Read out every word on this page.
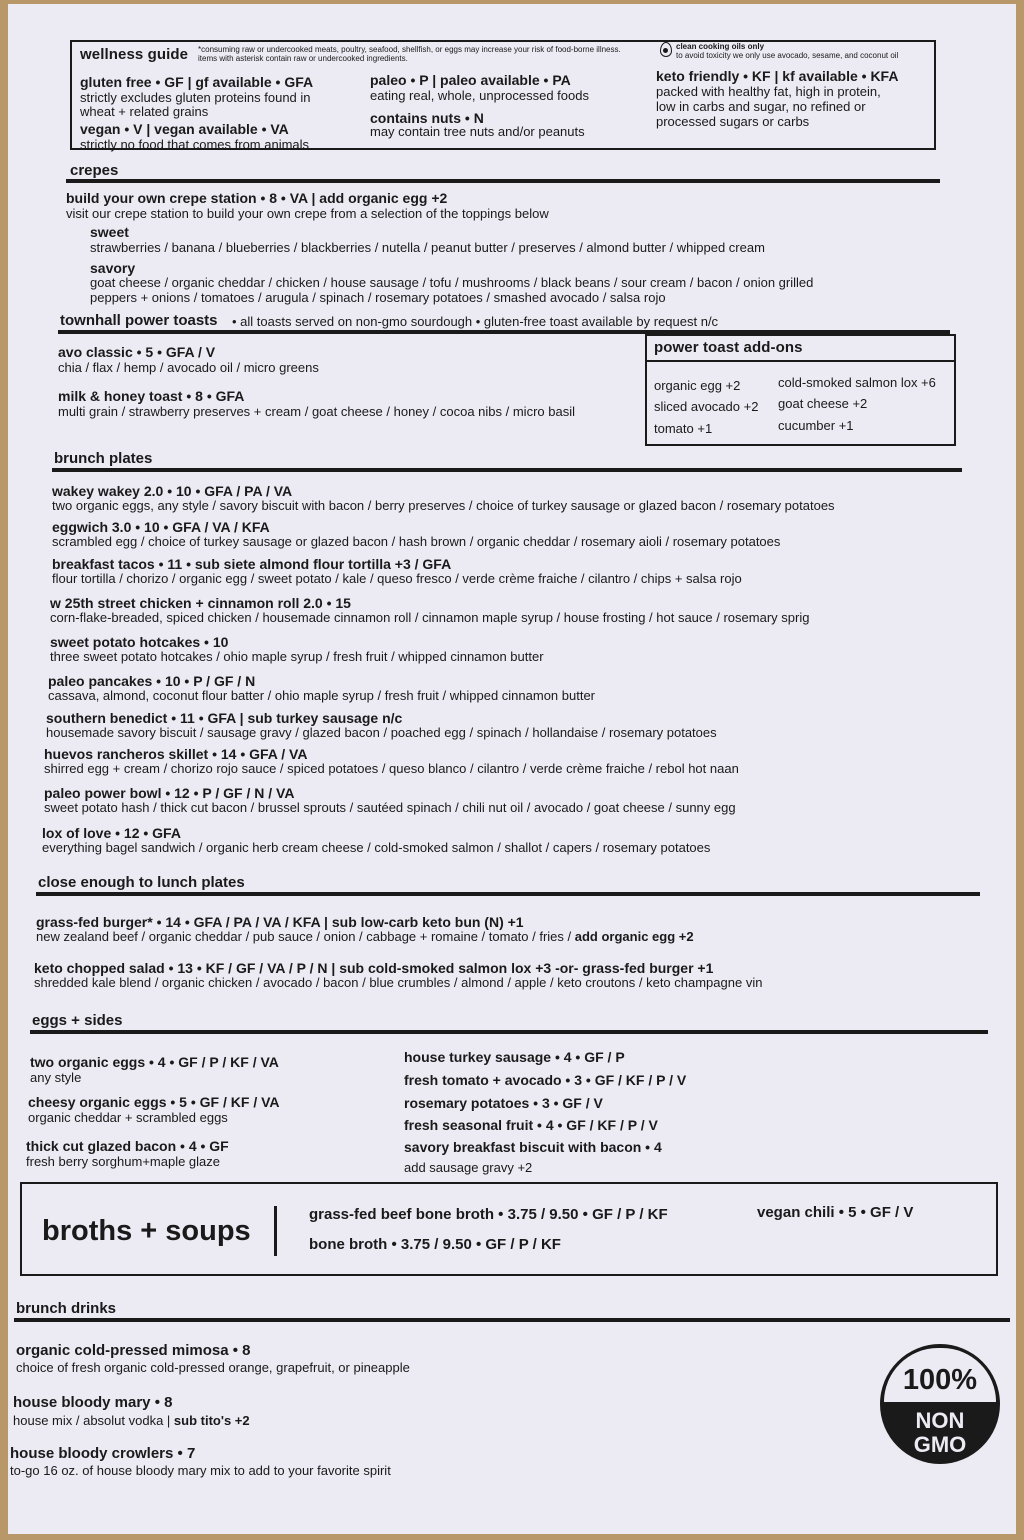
wellness guide *consuming raw or undercooked meats, poultry, seafood, shellfish, or eggs may increase your risk of food-borne illness.
items with asterisk contain raw or undercooked ingredients.
clean cooking oils only
to avoid toxicity we only use avocado, sesame, and coconut oil
gluten free • GF | gf available • GFA
strictly excludes gluten proteins found in
wheat + related grains
vegan • V | vegan available • VA
strictly no food that comes from animals
paleo • P | paleo available • PA
eating real, whole, unprocessed foods
contains nuts • N
may contain tree nuts and/or peanuts
keto friendly • KF | kf available • KFA
packed with healthy fat, high in protein,
low in carbs and sugar, no refined or
processed sugars or carbs
crepes
build your own crepe station • 8 • VA | add organic egg +2
visit our crepe station to build your own crepe from a selection of the toppings below
sweet
strawberries / banana / blueberries / blackberries / nutella / peanut butter / preserves / almond butter / whipped cream
savory
goat cheese / organic cheddar / chicken / house sausage / tofu / mushrooms / black beans / sour cream / bacon / onion grilled
peppers + onions / tomatoes / arugula / spinach / rosemary potatoes / smashed avocado / salsa rojo
townhall power toasts • all toasts served on non-gmo sourdough • gluten-free toast available by request n/c
avo classic • 5 • GFA / V
chia / flax / hemp / avocado oil / micro greens
milk & honey toast • 8 • GFA
multi grain / strawberry preserves + cream / goat cheese / honey / cocoa nibs / micro basil
power toast add-ons
organic egg +2	cold-smoked salmon lox +6
sliced avocado +2 goat cheese +2
tomato +1	cucumber +1
brunch plates
wakey wakey 2.0 • 10 • GFA / PA / VA
two organic eggs, any style / savory biscuit with bacon / berry preserves / choice of turkey sausage or glazed bacon / rosemary potatoes
eggwich 3.0 • 10 • GFA / VA / KFA
scrambled egg / choice of turkey sausage or glazed bacon / hash brown / organic cheddar / rosemary aioli / rosemary potatoes
breakfast tacos • 11 • sub siete almond flour tortilla +3 / GFA
flour tortilla / chorizo / organic egg / sweet potato / kale / queso fresco / verde crème fraiche / cilantro / chips + salsa rojo
w 25th street chicken + cinnamon roll 2.0 • 15
corn-flake-breaded, spiced chicken / housemade cinnamon roll / cinnamon maple syrup / house frosting / hot sauce / rosemary sprig
sweet potato hotcakes • 10
three sweet potato hotcakes / ohio maple syrup / fresh fruit / whipped cinnamon butter
paleo pancakes • 10 • P / GF / N
cassava, almond, coconut flour batter / ohio maple syrup / fresh fruit / whipped cinnamon butter
southern benedict • 11 • GFA | sub turkey sausage n/c
housemade savory biscuit / sausage gravy / glazed bacon / poached egg / spinach / hollandaise / rosemary potatoes
huevos rancheros skillet • 14 • GFA / VA
shirred egg + cream / chorizo rojo sauce / spiced potatoes / queso blanco / cilantro / verde crème fraiche / rebol hot naan
paleo power bowl • 12 • P / GF / N / VA
sweet potato hash / thick cut bacon / brussel sprouts / sautéed spinach / chili nut oil / avocado / goat cheese / sunny egg
lox of love • 12 • GFA
everything bagel sandwich / organic herb cream cheese / cold-smoked salmon / shallot / capers / rosemary potatoes
close enough to lunch plates
grass-fed burger* • 14 • GFA / PA / VA / KFA | sub low-carb keto bun (N) +1
new zealand beef / organic cheddar / pub sauce / onion / cabbage + romaine / tomato / fries / add organic egg +2
keto chopped salad • 13 • KF / GF / VA / P / N | sub cold-smoked salmon lox +3 -or- grass-fed burger +1
shredded kale blend / organic chicken / avocado / bacon / blue crumbles / almond / apple / keto croutons / keto champagne vin
eggs + sides
two organic eggs • 4 • GF / P / KF / VA
any style
cheesy organic eggs • 5 • GF / KF / VA
organic cheddar + scrambled eggs
thick cut glazed bacon • 4 • GF
fresh berry sorghum+maple glaze
house turkey sausage • 4 • GF / P
fresh tomato + avocado • 3 • GF / KF / P / V
rosemary potatoes • 3 • GF / V
fresh seasonal fruit • 4 • GF / KF / P / V
savory breakfast biscuit with bacon • 4
add sausage gravy +2
broths + soups
grass-fed beef bone broth • 3.75 / 9.50 • GF / P / KF
bone broth • 3.75 / 9.50 • GF / P / KF
vegan chili • 5 • GF / V
brunch drinks
organic cold-pressed mimosa • 8
choice of fresh organic cold-pressed orange, grapefruit, or pineapple
house bloody mary • 8
house mix / absolut vodka | sub tito's +2
house bloody crowlers • 7
to-go 16 oz. of house bloody mary mix to add to your favorite spirit
100%
NON
GMO
